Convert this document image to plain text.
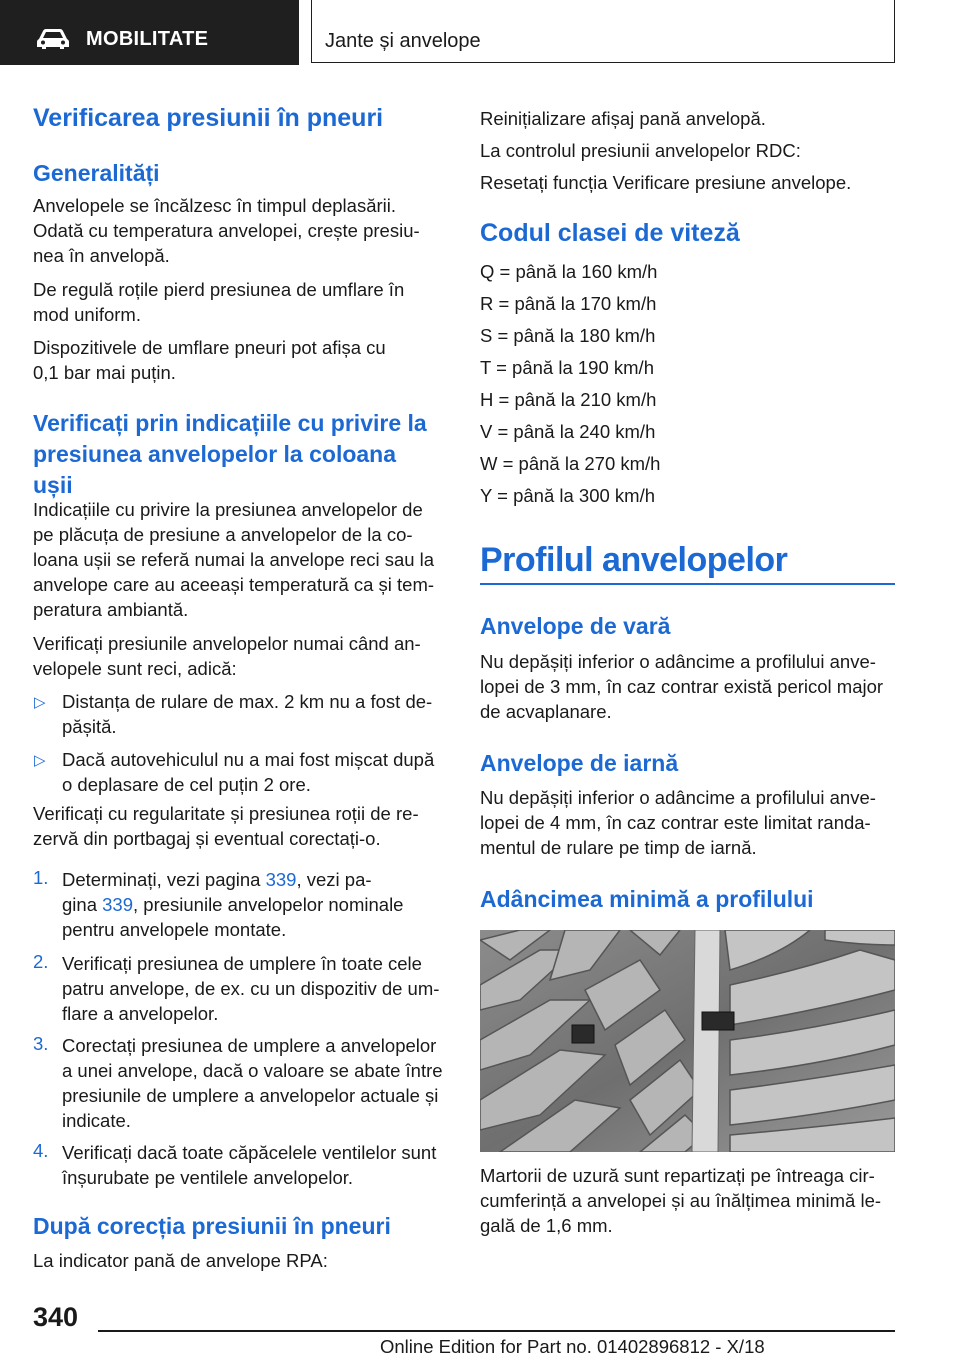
MOBILITATE	Jante și anvelope
Verificarea presiunii în pneuri
Generalități
Anvelopele se încălzesc în timpul deplasării.
Odată cu temperatura anvelopei, crește presiu-
nea în anvelopă.
De regulă roțile pierd presiunea de umflare în
mod uniform.
Dispozitivele de umflare pneuri pot afișa cu
0,1 bar mai puțin.
Verificați prin indicațiile cu privire la
presiunea anvelopelor la coloana
ușii
Indicațiile cu privire la presiunea anvelopelor de
pe plăcuța de presiune a anvelopelor de la co-
loana ușii se referă numai la anvelope reci sau la
anvelope care au aceeași temperatură ca și tem-
peratura ambiantă.
Verificați presiunile anvelopelor numai când an-
velopele sunt reci, adică:
▷ Distanța de rulare de max. 2 km nu a fost de-
pășită.
▷ Dacă autovehiculul nu a mai fost mișcat după
o deplasare de cel puțin 2 ore.
Verificați cu regularitate și presiunea roții de re-
zervă din portbagaj și eventual corectați-o.
1. Determinați, vezi pagina 339, vezi pa-
gina 339, presiunile anvelopelor nominale
pentru anvelopele montate.
2. Verificați presiunea de umplere în toate cele
patru anvelope, de ex. cu un dispozitiv de um-
flare a anvelopelor.
3. Corectați presiunea de umplere a anvelopelor
a unei anvelope, dacă o valoare se abate între
presiunile de umplere a anvelopelor actuale și
indicate.
4. Verificați dacă toate căpăcelele ventilelor sunt
înșurubate pe ventilele anvelopelor.
După corecția presiunii în pneuri
La indicator pană de anvelope RPA:
Reinițializare afișaj pană anvelopă.
La controlul presiunii anvelopelor RDC:
Resetați funcția Verificare presiune anvelope.
Codul clasei de viteză
Q = până la 160 km/h
R = până la 170 km/h
S = până la 180 km/h
T = până la 190 km/h
H = până la 210 km/h
V = până la 240 km/h
W = până la 270 km/h
Y = până la 300 km/h
Profilul anvelopelor
Anvelope de vară
Nu depășiți inferior o adâncime a profilului anve-
lopei de 3 mm, în caz contrar există pericol major
de acvaplanare.
Anvelope de iarnă
Nu depășiți inferior o adâncime a profilului anve-
lopei de 4 mm, în caz contrar este limitat randa-
mentul de rulare pe timp de iarnă.
Adâncimea minimă a profilului
Martorii de uzură sunt repartizați pe întreaga cir-
cumferință a anvelopei și au înălțimea minimă le-
gală de 1,6 mm.
340
Online Edition for Part no. 01402896812 - X/18
